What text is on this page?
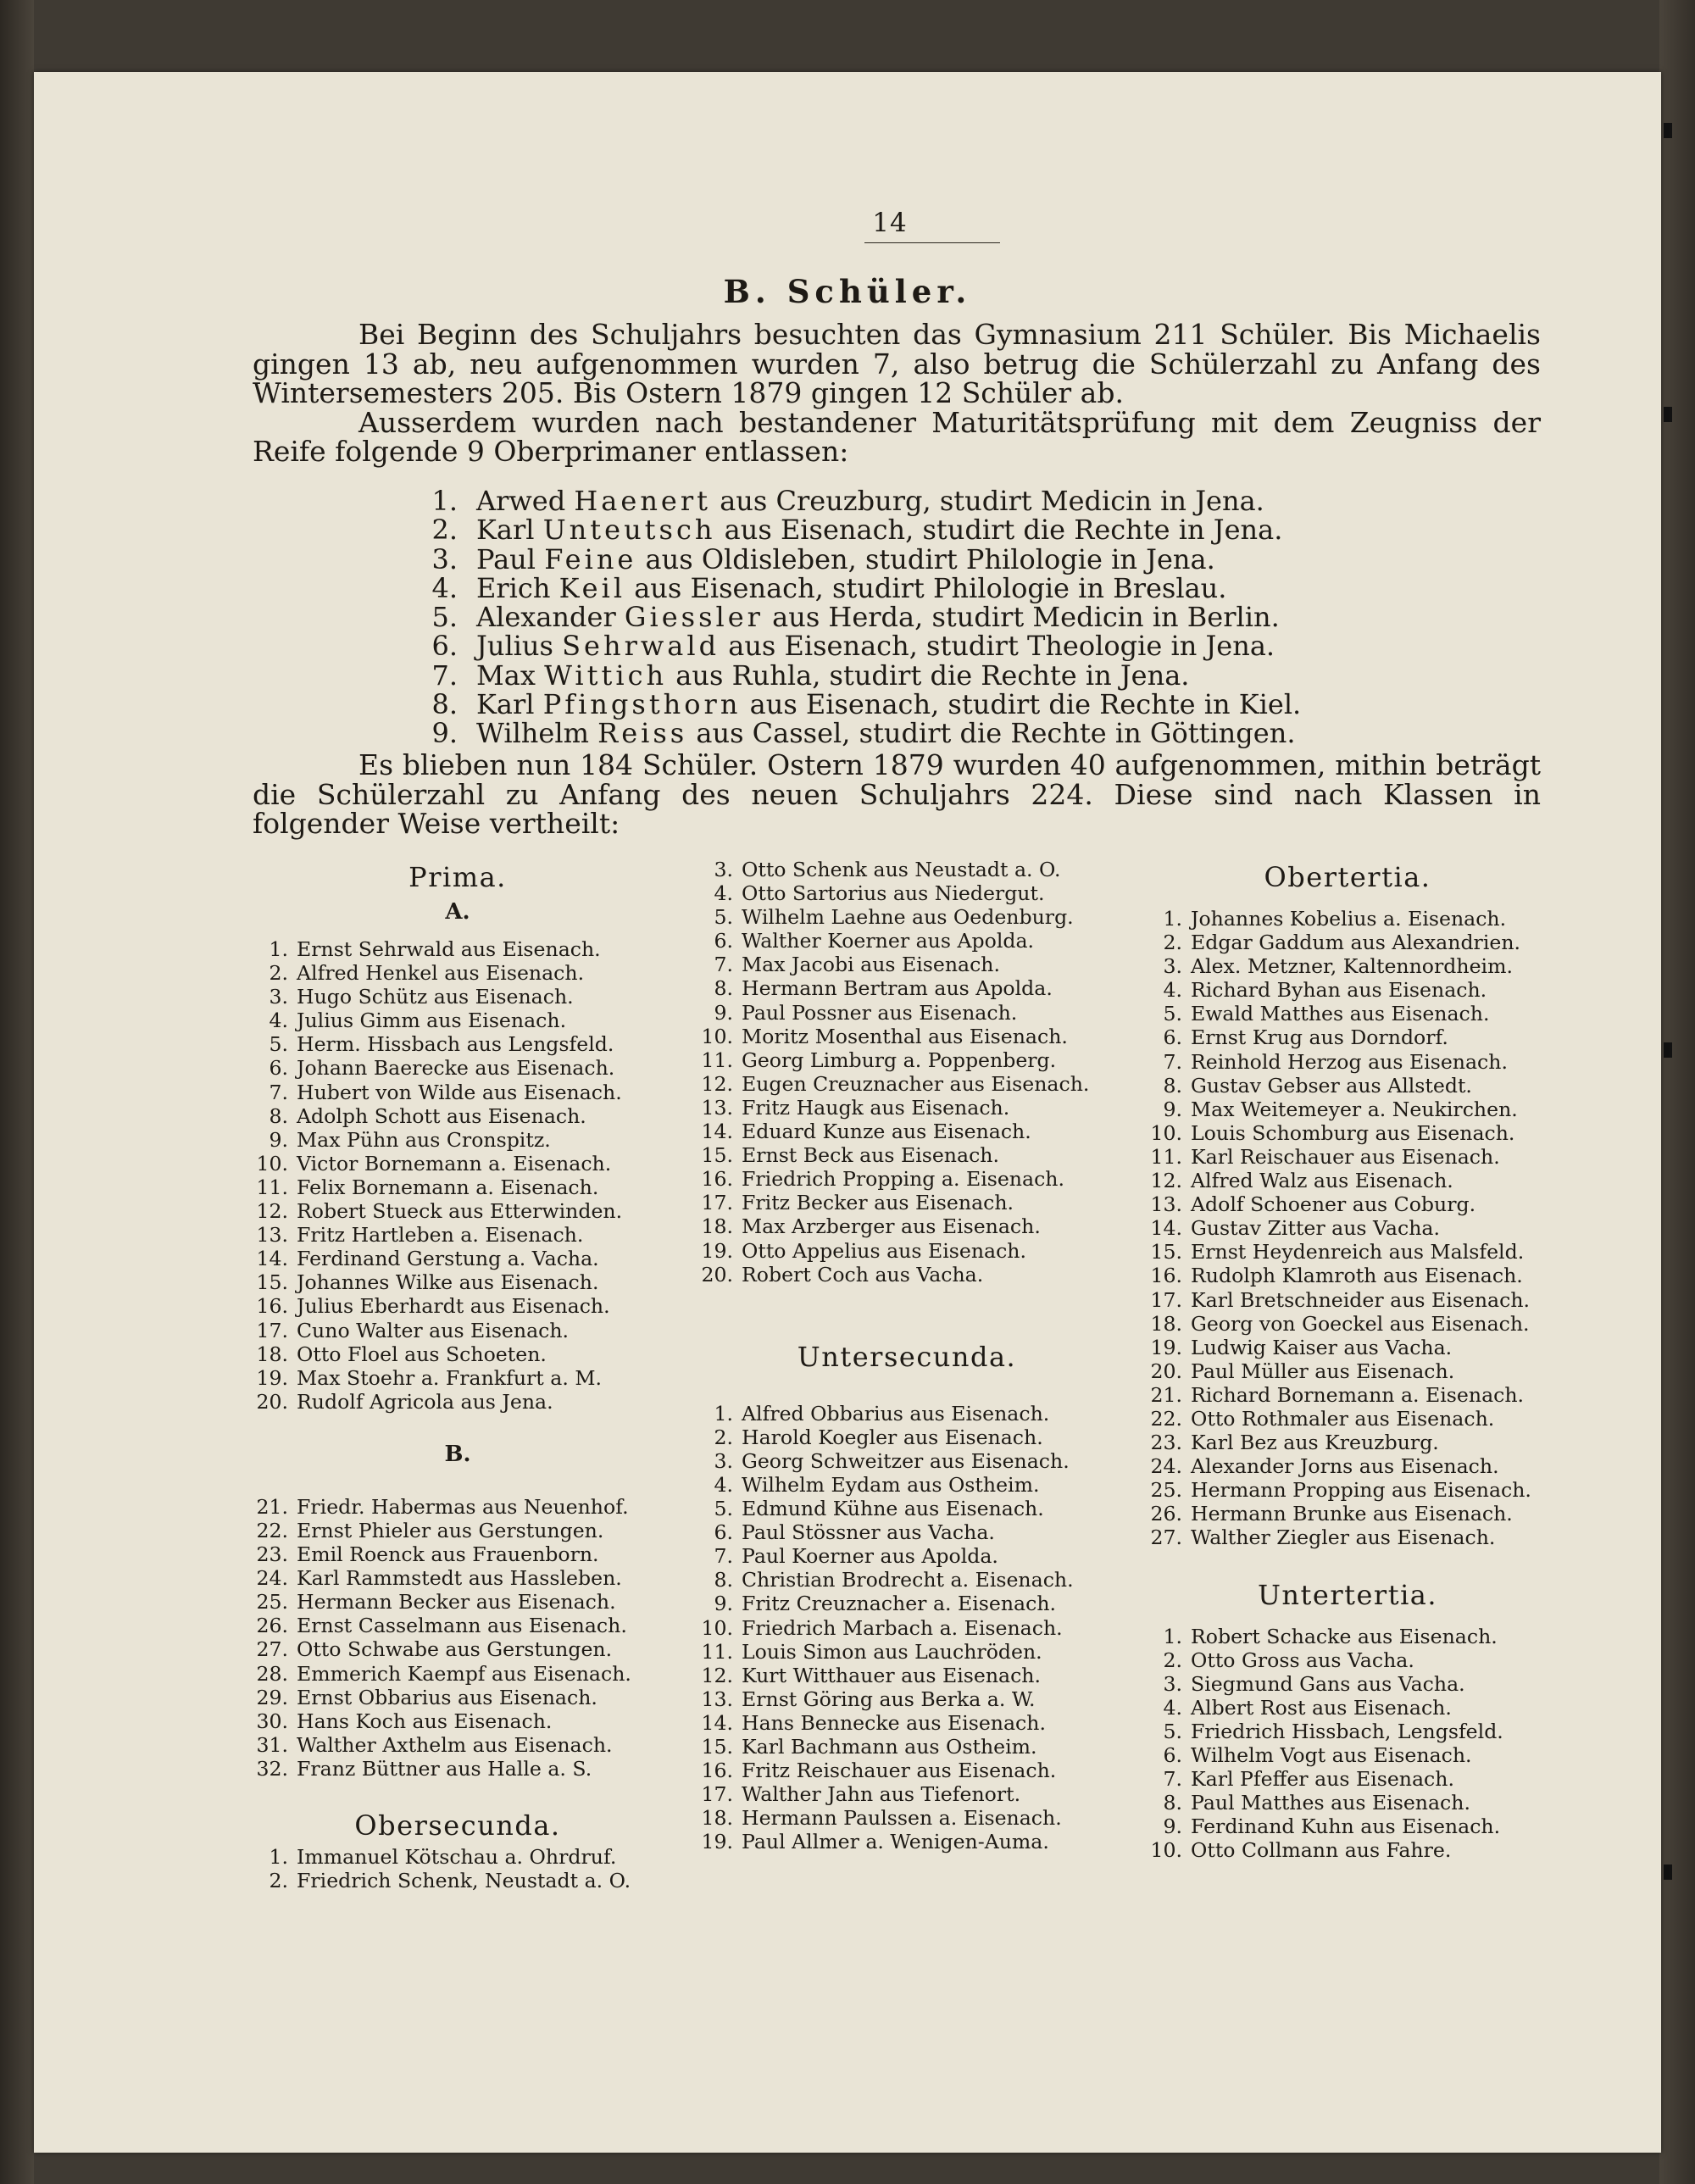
14
B. Schüler.

Bei Beginn des Schuljahrs besuchten das Gymnasium 211 Schüler. Bis Michaelis gingen 13 ab, neu aufgenommen wurden 7, also betrug die Schülerzahl zu Anfang des Wintersemesters 205. Bis Ostern 1879 gingen 12 Schüler ab.

Ausserdem wurden nach bestandener Maturitätsprüfung mit dem Zeugniss der Reife folgende 9 Oberprimaner entlassen:

1. Arwed
Haenert
aus Creuzburg, studirt Medicin in Jena.
2. Karl
Unteutsch
aus Eisenach, studirt die Rechte in Jena.
3. Paul
Feine
aus Oldisleben, studirt Philologie in Jena.
4. Erich
Keil
aus Eisenach, studirt Philologie in Breslau.
5. Alexander
Giessler
aus Herda, studirt Medicin in Berlin.
6. Julius
Sehrwald
aus Eisenach, studirt Theologie in Jena.
7. Max
Wittich
aus Ruhla, studirt die Rechte in Jena.
8. Karl
Pfingsthorn
aus Eisenach, studirt die Rechte in Kiel.
9. Wilhelm
Reiss
aus Cassel, studirt die Rechte in Göttingen.

Es blieben nun 184 Schüler. Ostern 1879 wurden 40 aufgenommen, mithin beträgt die Schülerzahl zu Anfang des neuen Schuljahrs 224. Diese sind nach Klassen in folgender Weise vertheilt:

Prima.
A.
1. Ernst Sehrwald aus Eisenach.
2. Alfred Henkel aus Eisenach.
3. Hugo Schütz aus Eisenach.
4. Julius Gimm aus Eisenach.
5. Herm. Hissbach aus Lengsfeld.
6. Johann Baerecke aus Eisenach.
7. Hubert von Wilde aus Eisenach.
8. Adolph Schott aus Eisenach.
9. Max Pühn aus Cronspitz.
10. Victor Bornemann a. Eisenach.
11. Felix Bornemann a. Eisenach.
12. Robert Stueck aus Etterwinden.
13. Fritz Hartleben a. Eisenach.
14. Ferdinand Gerstung a. Vacha.
15. Johannes Wilke aus Eisenach.
16. Julius Eberhardt aus Eisenach.
17. Cuno Walter aus Eisenach.
18. Otto Floel aus Schoeten.
19. Max Stoehr a. Frankfurt a. M.
20. Rudolf Agricola aus Jena.
B.
21. Friedr. Habermas aus Neuenhof.
22. Ernst Phieler aus Gerstungen.
23. Emil Roenck aus Frauenborn.
24. Karl Rammstedt aus Hassleben.
25. Hermann Becker aus Eisenach.
26. Ernst Casselmann aus Eisenach.
27. Otto Schwabe aus Gerstungen.
28. Emmerich Kaempf aus Eisenach.
29. Ernst Obbarius aus Eisenach.
30. Hans Koch aus Eisenach.
31. Walther Axthelm aus Eisenach.
32. Franz Büttner aus Halle a. S.
Obersecunda.
1. Immanuel Kötschau a. Ohrdruf.
2. Friedrich Schenk, Neustadt a. O.
3. Otto Schenk aus Neustadt a. O.
4. Otto Sartorius aus Niedergut.
5. Wilhelm Laehne aus Oedenburg.
6. Walther Koerner aus Apolda.
7. Max Jacobi aus Eisenach.
8. Hermann Bertram aus Apolda.
9. Paul Possner aus Eisenach.
10. Moritz Mosenthal aus Eisenach.
11. Georg Limburg a. Poppenberg.
12. Eugen Creuznacher aus Eisenach.
13. Fritz Haugk aus Eisenach.
14. Eduard Kunze aus Eisenach.
15. Ernst Beck aus Eisenach.
16. Friedrich Propping a. Eisenach.
17. Fritz Becker aus Eisenach.
18. Max Arzberger aus Eisenach.
19. Otto Appelius aus Eisenach.
20. Robert Coch aus Vacha.
Untersecunda.
1. Alfred Obbarius aus Eisenach.
2. Harold Koegler aus Eisenach.
3. Georg Schweitzer aus Eisenach.
4. Wilhelm Eydam aus Ostheim.
5. Edmund Kühne aus Eisenach.
6. Paul Stössner aus Vacha.
7. Paul Koerner aus Apolda.
8. Christian Brodrecht a. Eisenach.
9. Fritz Creuznacher a. Eisenach.
10. Friedrich Marbach a. Eisenach.
11. Louis Simon aus Lauchröden.
12. Kurt Witthauer aus Eisenach.
13. Ernst Göring aus Berka a. W.
14. Hans Bennecke aus Eisenach.
15. Karl Bachmann aus Ostheim.
16. Fritz Reischauer aus Eisenach.
17. Walther Jahn aus Tiefenort.
18. Hermann Paulssen a. Eisenach.
19. Paul Allmer a. Wenigen-Auma.
Obertertia.
1. Johannes Kobelius a. Eisenach.
2. Edgar Gaddum aus Alexandrien.
3. Alex. Metzner, Kaltennordheim.
4. Richard Byhan aus Eisenach.
5. Ewald Matthes aus Eisenach.
6. Ernst Krug aus Dorndorf.
7. Reinhold Herzog aus Eisenach.
8. Gustav Gebser aus Allstedt.
9. Max Weitemeyer a. Neukirchen.
10. Louis Schomburg aus Eisenach.
11. Karl Reischauer aus Eisenach.
12. Alfred Walz aus Eisenach.
13. Adolf Schoener aus Coburg.
14. Gustav Zitter aus Vacha.
15. Ernst Heydenreich aus Malsfeld.
16. Rudolph Klamroth aus Eisenach.
17. Karl Bretschneider aus Eisenach.
18. Georg von Goeckel aus Eisenach.
19. Ludwig Kaiser aus Vacha.
20. Paul Müller aus Eisenach.
21. Richard Bornemann a. Eisenach.
22. Otto Rothmaler aus Eisenach.
23. Karl Bez aus Kreuzburg.
24. Alexander Jorns aus Eisenach.
25. Hermann Propping aus Eisenach.
26. Hermann Brunke aus Eisenach.
27. Walther Ziegler aus Eisenach.
Untertertia.
1. Robert Schacke aus Eisenach.
2. Otto Gross aus Vacha.
3. Siegmund Gans aus Vacha.
4. Albert Rost aus Eisenach.
5. Friedrich Hissbach, Lengsfeld.
6. Wilhelm Vogt aus Eisenach.
7. Karl Pfeffer aus Eisenach.
8. Paul Matthes aus Eisenach.
9. Ferdinand Kuhn aus Eisenach.
10. Otto Collmann aus Fahre.
